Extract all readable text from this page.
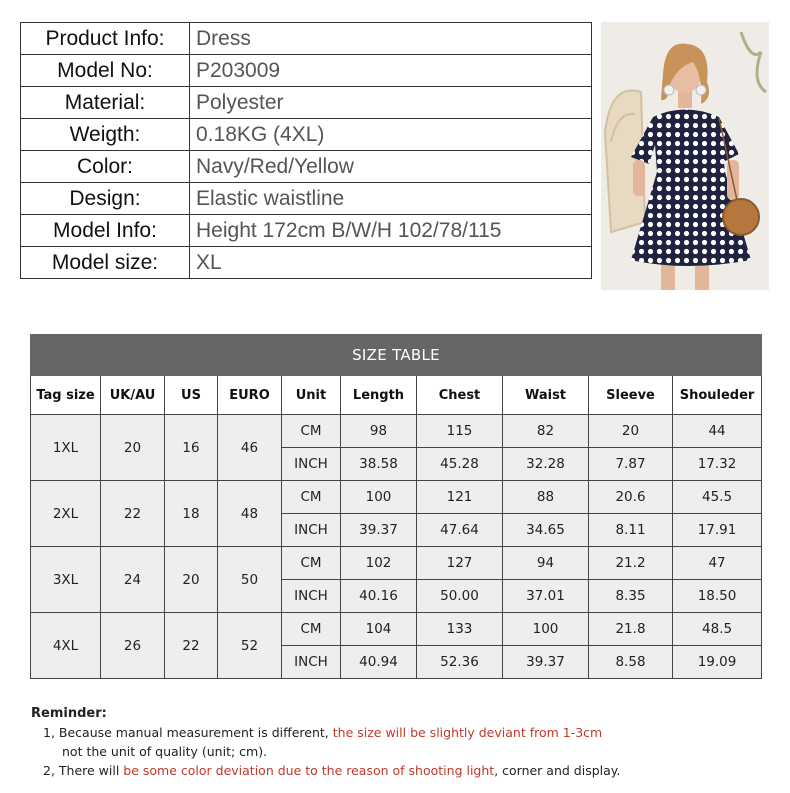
Product Info:	Dress
Model No:	P203009
Material:	Polyester
Weigth:	0.18KG (4XL)
Color:	Navy/Red/Yellow
Design:	Elastic waistline
Model Info:	Height 172cm B/W/H 102/78/115
Model size:	XL
SIZE TABLE									
Tag size	UK/AU	US	EURO	Unit	Length	Chest	Waist	Sleeve	Shouleder
1XL	20	16	46	CM	98	115	82	20	44
				INCH	38.58	45.28	32.28	7.87	17.32
2XL	22	18	48	CM	100	121	88	20.6	45.5
				INCH	39.37	47.64	34.65	8.11	17.91
3XL	24	20	50	CM	102	127	94	21.2	47
				INCH	40.16	50.00	37.01	8.35	18.50
4XL	26	22	52	CM	104	133	100	21.8	48.5
				INCH	40.94	52.36	39.37	8.58	19.09
Reminder:
1, Because manual measurement is different, the size will be slightly deviant from 1-3cm
not the unit of quality (unit; cm).
2, There will be some color deviation due to the reason of shooting light, corner and display.
